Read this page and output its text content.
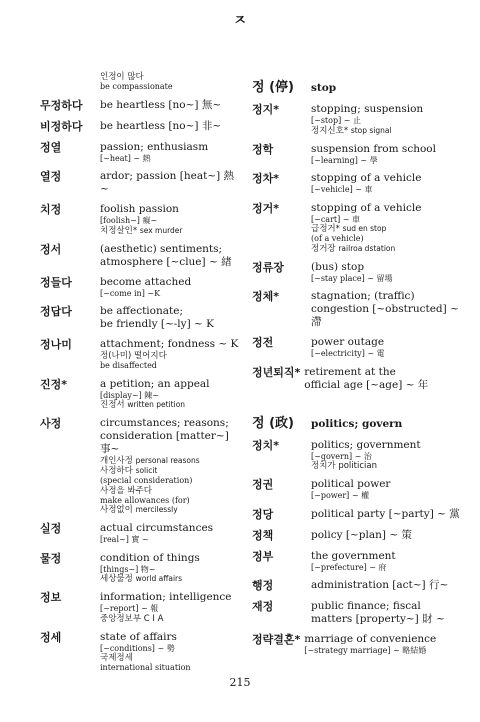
ㅈ
인정이 많다
be compassionate
무정하다	be heartless [no~] 無~
비정하다	be heartless [no~] 非~
정열	passion; enthusiasm
[~heat] ~ 熱
열정	ardor; passion [heat~] 熱~
치정	foolish passion
[foolish~] 癡~
치정살인* sex murder
정서	(aesthetic) sentiments;
atmosphere [~clue] ~ 緖
정들다	become attached
[~come in] ~K
정답다	be affectionate;
be friendly [~-ly] ~ K
정나미	attachment; fondness ~ K
정(나미) 떨어지다
be disaffected
진정*	a petition; an appeal
[display~] 陳~
진정서 written petition
사정	circumstances; reasons;
consideration [matter~] 事~
개인사정 personal reasons
사정하다 solicit
(special consideration)
사정을 봐주다
make allowances (for)
사정없이 mercilessly
실정	actual circumstances
[real~] 實 ~
물정	condition of things
[things~] 物~
세상물정 world affairs
정보	information; intelligence
[~report] ~ 報
중앙정보부 C I A
정세	state of affairs
[~conditions] ~ 勢
국제정세
international situation
정 (停)	stop
정지*	stopping; suspension
[~stop] ~ 止
정지신호* stop signal
정학	suspension from school
[~learning] ~ 學
정차*	stopping of a vehicle
[~vehicle] ~ 車
정거*	stopping of a vehicle
[~cart] ~ 車
급정거* sud en stop
(of a vehicle)
정거장 railroa dstation
정류장	(bus) stop
[~stay place] ~ 留場
정체*	stagnation; (traffic)
congestion [~obstructed] ~ 滯
정전	power outage
[~electricity] ~ 電
정년퇴직* retirement at the
official age [~age] ~ 年
정 (政)	politics; govern
정치*	politics; government
[~govern] ~ 治
정치가 politician
정권	political power
[~power] ~ 權
정당	political party [~party] ~ 黨
정책	policy [~plan] ~ 策
정부	the government
[~prefecture] ~ 府
행정	administration [act~] 行~
재정	public finance; fiscal
matters [property~] 財 ~
정략결혼* marriage of convenience
[~strategy marriage] ~ 略結婚
215
